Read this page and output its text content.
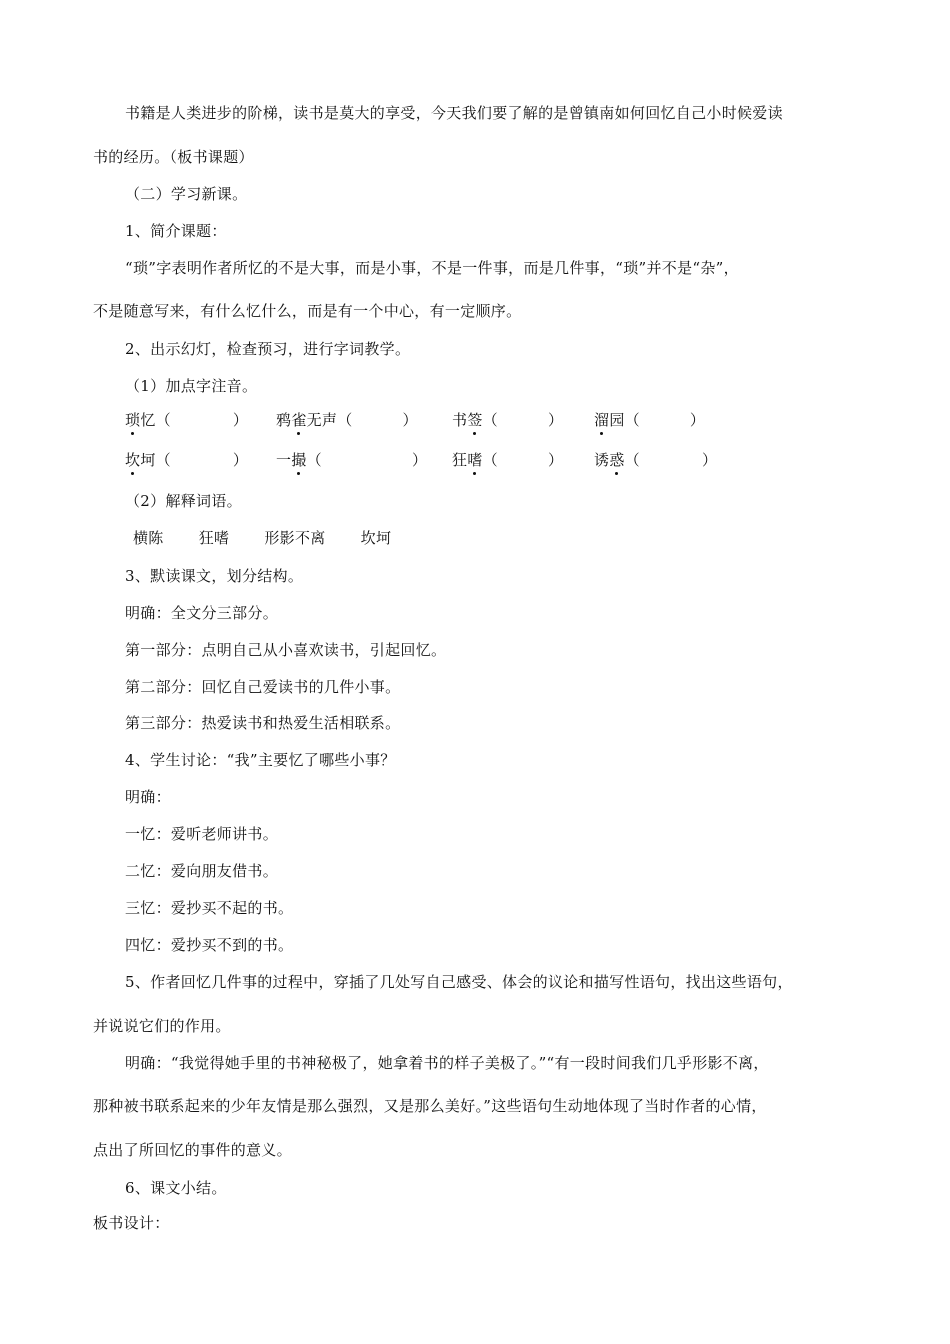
书籍是人类进步的阶梯，读书是莫大的享受，今天我们要了解的是曾镇南如何回忆自己小时候爱读
书的经历。（板书课题）
（二）学习新课。
1、简介课题：
“琐”字表明作者所忆的不是大事，而是小事，不是一件事，而是几件事，“琐”并不是“杂”，
不是随意写来，有什么忆什么，而是有一个中心，有一定顺序。
2、出示幻灯，检查预习，进行字词教学。
（1）加点字注音。
琐忆（	） 鸦雀无声（	） 书签（	） 溜园（	）
坎坷（	） 一撮（	） 狂嗜（	） 诱惑（	）
（2）解释词语。
横陈 狂嗜 形影不离 坎坷
3、默读课文，划分结构。
明确：全文分三部分。
第一部分：点明自己从小喜欢读书，引起回忆。
第二部分：回忆自己爱读书的几件小事。
第三部分：热爱读书和热爱生活相联系。
4、学生讨论：“我”主要忆了哪些小事？
明确：
一忆：爱听老师讲书。
二忆：爱向朋友借书。
三忆：爱抄买不起的书。
四忆：爱抄买不到的书。
5、作者回忆几件事的过程中，穿插了几处写自己感受、体会的议论和描写性语句，找出这些语句，
并说说它们的作用。
明确：“我觉得她手里的书神秘极了，她拿着书的样子美极了。”“有一段时间我们几乎形影不离，
那种被书联系起来的少年友情是那么强烈，又是那么美好。”这些语句生动地体现了当时作者的心情，
点出了所回忆的事件的意义。
6、课文小结。
板书设计：
